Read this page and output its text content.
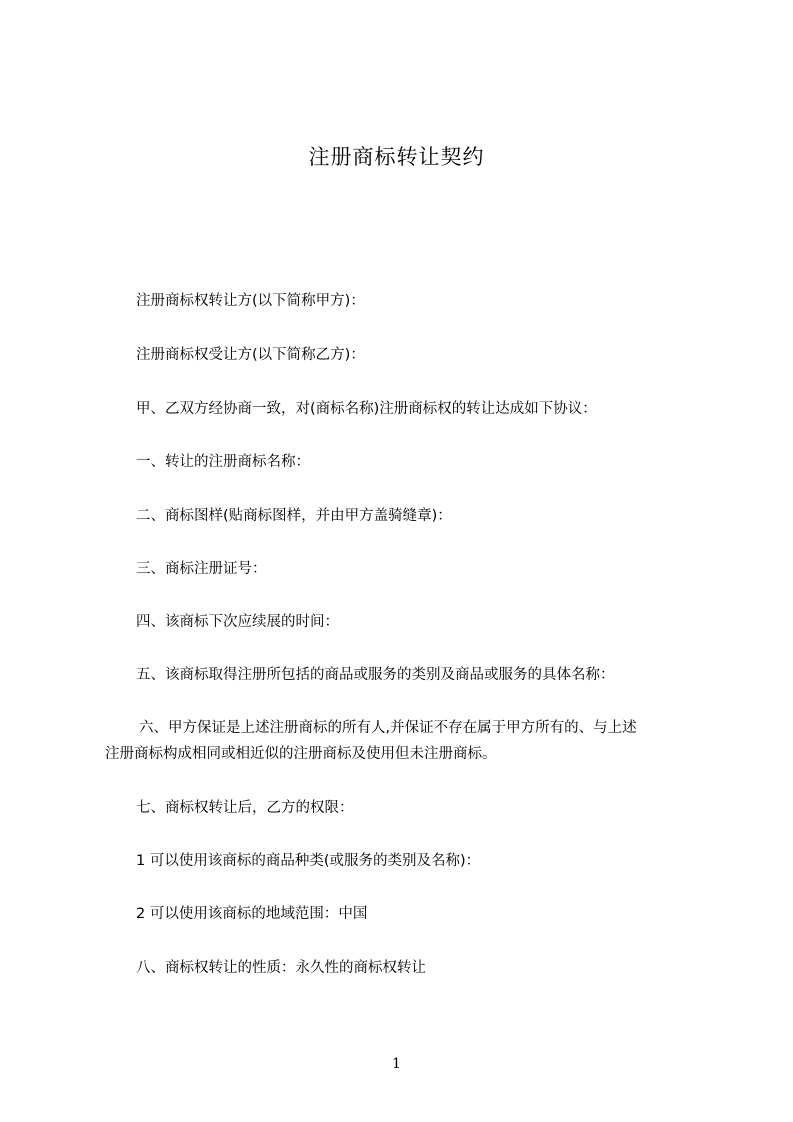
注册商标转让契约
注册商标权转让方(以下简称甲方)：
注册商标权受让方(以下简称乙方)：
甲、乙双方经协商一致，对(商标名称)注册商标权的转让达成如下协议：
一、转让的注册商标名称：
二、商标图样(贴商标图样，并由甲方盖骑缝章)：
三、商标注册证号：
四、该商标下次应续展的时间：
五、该商标取得注册所包括的商品或服务的类别及商品或服务的具体名称：
六、甲方保证是上述注册商标的所有人,并保证不存在属于甲方所有的、与上述
注册商标构成相同或相近似的注册商标及使用但未注册商标。
七、商标权转让后，乙方的权限：
1 可以使用该商标的商品种类(或服务的类别及名称)：
2 可以使用该商标的地域范围：中国
八、商标权转让的性质：永久性的商标权转让
1
